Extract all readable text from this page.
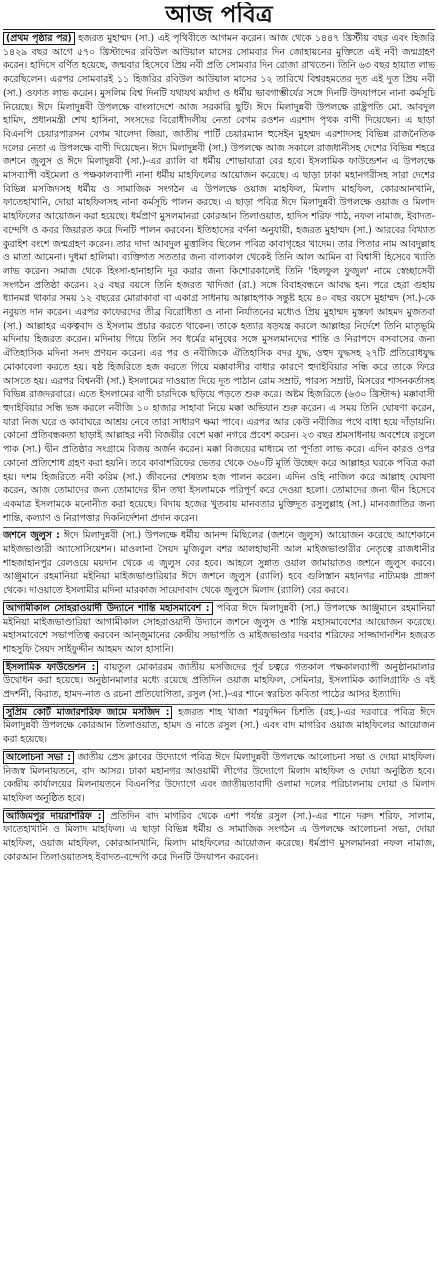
আজ পবিত্র

(প্রথম পৃষ্ঠার পর) হজরত মুহাম্মদ (সা.) এই পৃথিবীতে আগমন করেন। আজ থেকে ১৪৪৭ খ্রিস্টীয় বছর এবং হিজরি ১৪২৯ বছর আগে ৫৭০ খ্রিস্টাব্দের রবিউল আউয়াল মাসের সোমবার দিন জোহায়নের মুক্তিতে এই নবী জন্মগ্রহণ করেন। হাদিসে বর্ণিত হয়েছে, জন্মবার হিসেবে প্রিয় নবী প্রতি সোমবার দিন রোজা রাখতেন। তিনি ৬৩ বছর হায়াত লাভ করেছিলেন। এরপর সোমবারই ১১ হিজরির রবিউল আউয়াল মাসের ১২ তারিখে বিশ্বরহমতের দূত এই দুত প্রিয় নবী (সা.) ওফাত লাভ করেন। মুসলিম বিশ্ব দিনটি যথাযথ মর্যাদা ও ধর্মীয় ভাবগাম্ভীর্যের সঙ্গে দিনটি উদযাপনে নানা কর্মসূচি নিয়েছে। ঈদে মিলাদুন্নবী উপলক্ষে বাংলাদেশে আজ সরকারি ছুটি। ঈদে মিলাদুন্নবী উপলক্ষে রাষ্ট্রপতি মো. আবদুল হামিদ, প্রধানমন্ত্রী শেখ হাসিনা, সংসদের বিরোধীদলীয় নেতা বেগম রওশন এরশাদ পৃথক বাণী দিয়েছেন। এ ছাড়া বিএনপি চেয়ারপারসন বেগম খালেদা জিয়া, জাতীয় পার্টি চেয়ারম্যান হুসেইন মুহম্মদ এরশাদসহ বিভিন্ন রাজনৈতিক দলের নেতা এ উপলক্ষে বাণী দিয়েছেন। ঈদে মিলাদুন্নবী (সা.) উপলক্ষে আজ সকালে রাজধানীসহ দেশের বিভিন্ন শহরে জশনে জুলুস ও ঈদে মিলাদুন্নবী (সা.)-এর র‌্যালি বা ধর্মীয় শোভাযাত্রা বের হবে। ইসলামিক ফাউন্ডেশন এ উপলক্ষে মাসব্যাপী বইমেলা ও পক্ষকালব্যাপী নানা ধর্মীয় মাহফিলের আয়োজন করেছে। এ ছাড়া ঢাকা মহানগরীসহ সারা দেশের বিভিন্ন মসজিদসহ ধর্মীয় ও সামাজিক সংগঠন এ উপলক্ষে ওয়াজ মাহফিল, মিলাদ মাহফিল, কোরআনখানি, ফাতেহাখানি, দোয়া মাহফিলসহ নানা কর্মসূচি পালন করছে। এ ছাড়া পবিত্র ঈদে মিলাদুন্নবী উপলক্ষে ওয়াজ ও মিলাদ মাহফিলের আয়োজন করা হয়েছে। ধর্মপ্রাণ মুসলমানরা কোরআন তিলাওয়াত, হাদিস শরিফ পাঠ, নফল নামাজ, ইবাদত-বন্দেগি ও কবর জিয়ারত করে দিনটি পালন করবেন। ইতিহাসের বর্ণনা অনুযায়ী, হজরত মুহাম্মদ (সা.) আরবের বিখ্যাত কুরাইশ বংশে জন্মগ্রহণ করেন। তার দাদা আবদুল মুত্তালিব ছিলেন পবিত্র কাবাগৃহের খাদেম। তার পিতার নাম আবদুল্লাহ ও মাতা আমেনা। দুধমা হালিমা। ব্যক্তিগত সততার জন্য বাল্যকাল থেকেই তিনি আল আমিন বা বিশ্বাসী হিসেবে খ্যাতি লাভ করেন। সমাজ থেকে হিংসা-হানাহানি দূর করার জন্য কিশোরকালেই তিনি 'হিলফুল ফুজুল' নামে স্বেচ্ছাসেবী সংগঠন প্রতিষ্ঠা করেন। ২৫ বছর বয়সে তিনি হজরত খাদিজা (রা.) সঙ্গে বিবাহবন্ধনে আবদ্ধ হন। পরে হেরা গুহায় ধ্যানমগ্ন থাকার সময় ১২ বছরের মোরাকাবা বা একাগ্র সাধনায় আল্লাহপাক সন্তুষ্ট হয়ে ৪০ বছর বয়সে মুহাম্মদ (সা.)-কে নবুয়ত দান করেন। এরপর কাফেরদের তীব্র বিরোধিতা ও নানা নির্যাতনের মধ্যেও প্রিয় মুহাম্মদ মুস্তফা আহমদ মুজতবা (সা.) আল্লাহর একত্ববাদ ও ইসলাম প্রচার করতে থাকেন। তাকে হত্যার ষড়যন্ত্র করলে আল্লাহর নির্দেশে তিনি মাতৃভূমি মদিনায় হিজরত করেন। মদিনায় গিয়ে তিনি সব ধর্মের মানুষের সঙ্গে মুসলমানদের শান্তি ও নিরাপদে বসবাসের জন্য ঐতিহাসিক মদিনা সনদ প্রণয়ন করেন। এর পর ও নবীজিকে ঐতিহাসিক বদর যুদ্ধ, ওহুদ যুদ্ধসহ ২৭টি প্রতিরোধযুদ্ধ মোকাবেলা করতে হয়। ষষ্ঠ হিজরিতে হজ করতে গিয়ে মক্কাবাসীর বাধার কারণে হুদাইবিয়ার সন্ধি করে তাকে ফিরে আসতে হয়। এরপর বিশ্বনবী (সা.) ইসলামের দাওয়াত দিয়ে দূত পাঠান রোম সম্রাট, পারস্য সম্রাট, মিসরের শাসনকর্তাসহ বিভিন্ন রাজদরবারে। এতে ইসলামের বাণী চারদিকে ছড়িয়ে পড়তে শুরু করে। অষ্টম হিজরিতে (৬৩০ খ্রিস্টাব্দ) মক্কাবাসী হুদাইবিয়ার সন্ধি ভঙ্গ করলে নবীজি ১০ হাজার সাহাবা নিয়ে মক্কা অভিযান শুরু করেন। এ সময় তিনি ঘোষণা করেন, যারা নিজ ঘরে ও কাবাঘরে আশ্রয় নেবে তারা সাধারণ ক্ষমা পাবে। এরপর আর কেউ নবীজির পথে বাধা হয়ে দাঁড়ায়নি। কোনো প্রতিবন্ধকতা ছাড়াই আল্লাহর নবী বিজয়ীর বেশে মক্কা নগরে প্রবেশ করেন। ২৩ বছর শ্রমসাধনায় অবশেষে রসুলে পাক (সা.) দ্বীন প্রতিষ্ঠার সংগ্রামে বিজয় অর্জন করেন। মক্কা বিজয়ের মাধ্যমে তা পূর্ণতা লাভ করে। এদিন কারও ওপর কোনো প্রতিশোধ গ্রহণ করা হয়নি। তবে কাবাশরিফের ভেতর থেকে ৩৬০টি মূর্তি উচ্ছেদ করে আল্লাহর ঘরকে পবিত্র করা হয়। দশম হিজরিতে নবী করিম (সা.) জীবনের শেষতম হজ পালন করেন। এদিন ওহি নাজিল করে আল্লাহ ঘোষণা করেন, আজ তোমাদের জন্য তোমাদের দ্বীন তথা ইসলামকে পরিপূর্ণ করে দেওয়া হলো। তোমাদের জন্য দ্বীন হিসেবে একমাত্র ইসলামকে মনোনীত করা হয়েছে। বিদায় হজের খুতবায় মানবতার মুক্তিদূত রসুলুল্লাহ (সা.) মানবজাতির জন্য শান্তি, কল্যাণ ও নিরাপত্তার দিকনির্দেশনা প্রদান করেন।

জশনে জুলুস : ঈদে মিলাদুন্নবী (সা.) উপলক্ষে ধর্মীয় আনন্দ মিছিলের (জশনে জুলুস) আয়োজন করেছে আশেকানে মাইজভাণ্ডারী অ্যাসোসিয়েশন। মাওলানা সৈয়দ মুজিবুল বশর আলহাছানী আল মাইজভাণ্ডারীর নেতৃত্বে রাজধানীর শাহজাহানপুর রেলওয়ে ময়দান থেকে এ জুলুস বের হবে। আহলে সুন্নাত ওয়াল জামায়াতও জশনে জুলুস করবে। আঞ্জুমানে রহমানিয়া মইনিয়া মাইজভাণ্ডারিয়ার ঈদে জশনে জুলুস (র‌্যালি) হবে গুলিস্তান মহানগর নাট্যমঞ্চ প্রাঙ্গণ থেকে। দাওয়াতে ইসলামীর মদিনা মারকাজ সায়েদাবাদ থেকে জুলুসে মিলাদ (র‌্যালি) বের করবে।

আগামীকাল সোহরাওয়ার্দী উদ্যানে শান্তি মহাসমাবেশ : পবিত্র ঈদে মিলাদুন্নবী (সা.) উপলক্ষে আঞ্জুমানে রহমানিয়া মইনিয়া মাইজভাণ্ডারিয়া আগামীকাল সোহরাওয়ার্দী উদ্যানে জশনে জুলুস ও শান্তি মহাসমাবেশের আয়োজন করেছে। মহাসমাবেশে সভাপতিত্ব করবেন আন্জুমানের কেন্দ্রীয় সভাপতি ও মাইজভাণ্ডার দরবার শরিফের সাজ্জাদানশিন হজরত শাহসুফি সৈয়দ সাইফুদ্দীন আহমদ আল হাসানি।

ইসলামিক ফাউন্ডেশন : বায়তুল মোকাররম জাতীয় মসজিদের পূর্ব চত্বরে গতকাল পক্ষকালব্যাপী অনুষ্ঠানমালার উদ্বোধন করা হয়েছে। অনুষ্ঠানমালার মধ্যে রয়েছে প্রতিদিন ওয়াজ মাহফিল, সেমিনার, ইসলামিক ক্যালিগ্রাফি ও বই প্রদর্শনী, কিরাত, হামদ-নাত ও রচনা প্রতিযোগিতা, রসুল (সা.)-এর শানে স্বরচিত কবিতা পাঠের আসর ইত্যাদি।

সুপ্রিম কোর্ট মাজারশরিফ জামে মসজিদ : হজরত শাহ খাজা শরফুদ্দিন চিশতি (রহ.)-এর দরবারে পবিত্র ঈদে মিলাদুন্নবী উপলক্ষে কোরআন তিলাওয়াত, হামদ ও নাতে রসুল (সা.) এবং বাদ মাগরিব ওয়াজ মাহফিলের আয়োজন করা হয়েছে।

আলোচনা সভা : জাতীয় প্রেস ক্লাবের উদ্যোগে পবিত্র ঈদে মিলাদুন্নবী উপলক্ষে আলোচনা সভা ও দোয়া মাহফিল। নিজস্ব মিলনায়তনে, বাদ আসর। ঢাকা মহানগর আওয়ামী লীগের উদ্যোগে মিলাদ মাহফিল ও দোয়া অনুষ্ঠিত হবে। কেন্দ্রীয় কার্যালয়ের মিলনায়তনে বিএনপির উদ্যোগে এবং জাতীয়তাবাদী ওলামা দলের পরিচালনায় দোয়া ও মিলাদ মাহফিল অনুষ্ঠিত হবে।

আজিমপুর দায়রাশরিফ : প্রতিদিন বাদ মাগরিব থেকে এশা পর্যন্ত রসুল (সা.)-এর শানে দরুদ শরিফ, সালাম, ফাতেহাখানি ও মিলাদ মাহফিল। এ ছাড়া বিভিন্ন ধর্মীয় ও সামাজিক সংগঠন এ উপলক্ষে আলোচনা সভা, দোয়া মাহফিল, ওয়াজ মাহফিল, কোরআনখানি, মিলাদ মাহফিলের আয়োজন করেছে। ধর্মপ্রাণ মুসলমানরা নফল নামাজ, কোরআন তিলাওয়াতসহ ইবাদত-বন্দেগি করে দিনটি উদযাপন করবেন।
